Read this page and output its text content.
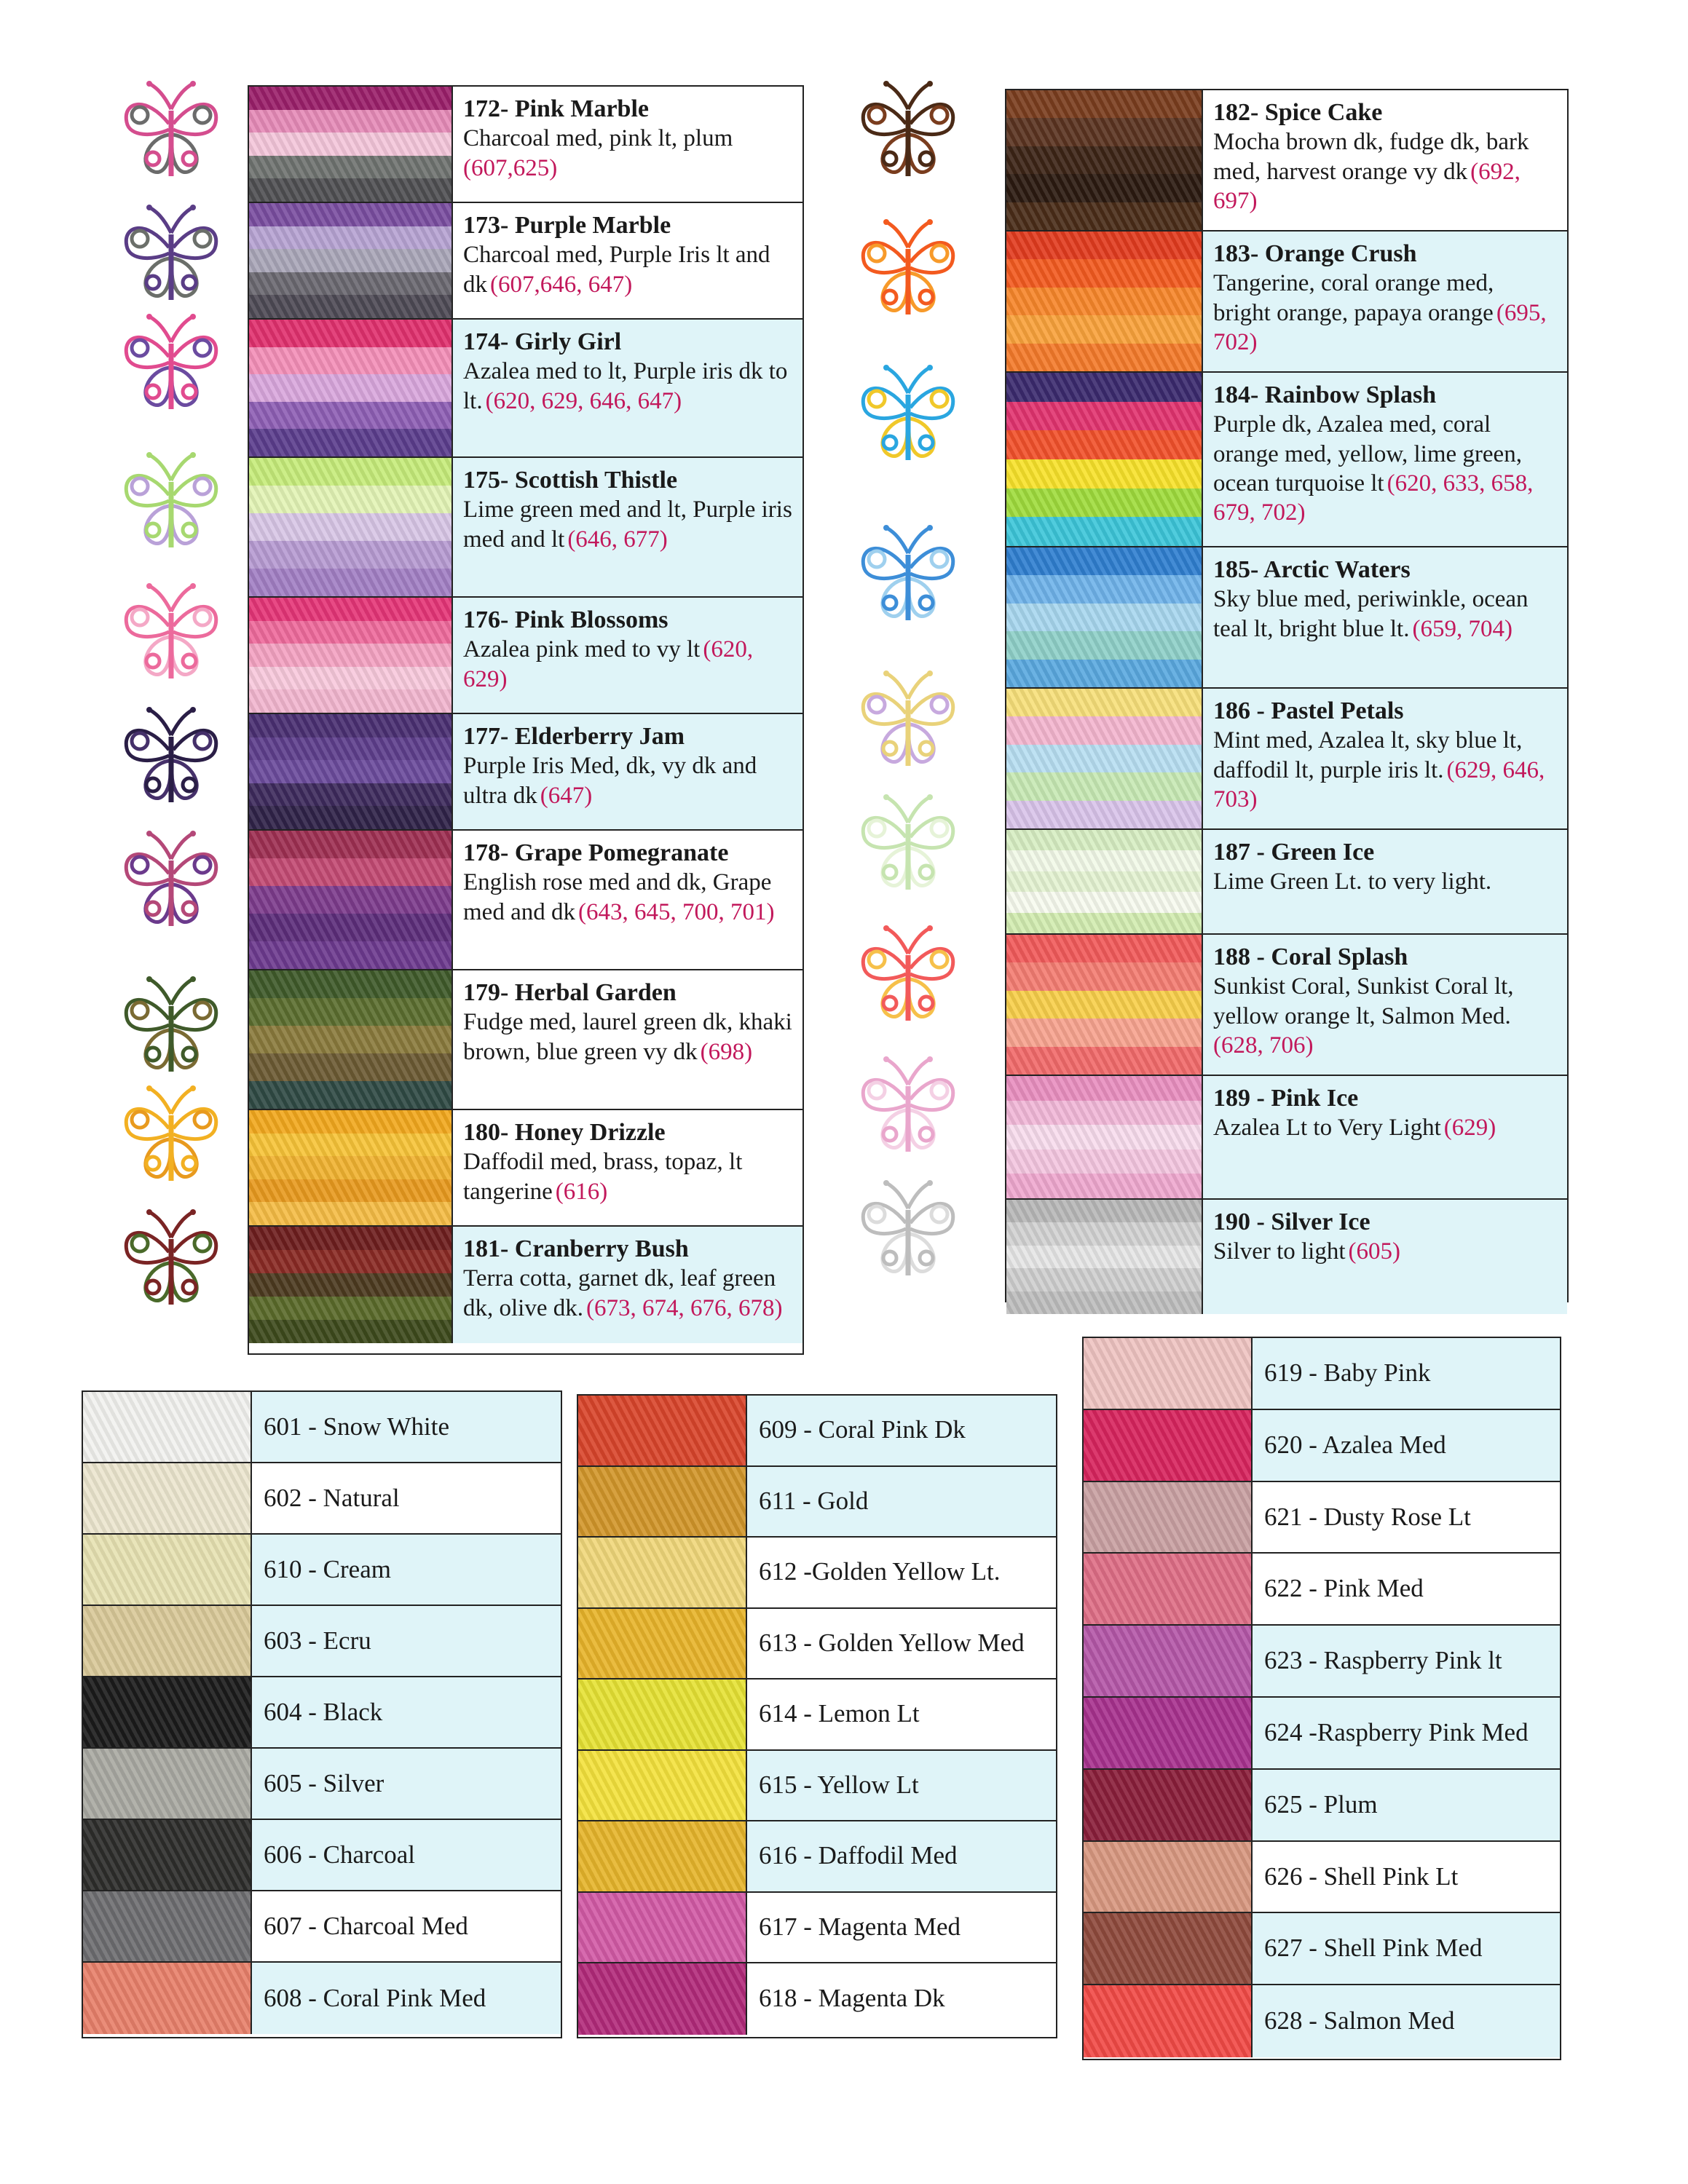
172- Pink Marble
Charcoal med, pink lt, plum (607,625)
173- Purple Marble
Charcoal med, Purple Iris lt and dk (607,646, 647)
174- Girly Girl
Azalea med to lt, Purple iris dk to lt. (620, 629, 646, 647)
175- Scottish Thistle
Lime green med and lt, Purple iris med and lt (646, 677)
176- Pink Blossoms
Azalea pink med to vy lt (620, 629)
177- Elderberry Jam
Purple Iris Med, dk, vy dk and ultra dk (647)
178- Grape Pomegranate
English rose med and dk, Grape med and dk (643, 645, 700, 701)
179- Herbal Garden
Fudge med, laurel green dk, khaki brown, blue green vy dk (698)
180- Honey Drizzle
Daffodil med, brass, topaz, lt tangerine (616)
181- Cranberry Bush
Terra cotta, garnet dk, leaf green dk, olive dk. (673, 674, 676, 678)
182- Spice Cake
Mocha brown dk, fudge dk, bark med, harvest orange vy dk (692, 697)
183- Orange Crush
Tangerine, coral orange med, bright orange, papaya orange (695, 702)
184- Rainbow Splash
Purple dk, Azalea med, coral orange med, yellow, lime green, ocean turquoise lt (620, 633, 658, 679, 702)
185- Arctic Waters
Sky blue med, periwinkle, ocean teal lt, bright blue lt. (659, 704)
186 - Pastel Petals
Mint med, Azalea lt, sky blue lt, daffodil lt, purple iris lt. (629, 646, 703)
187 - Green Ice
Lime Green Lt. to very light.
188 - Coral Splash
Sunkist Coral, Sunkist Coral lt, yellow orange lt, Salmon Med. (628, 706)
189 - Pink Ice
Azalea Lt to Very Light (629)
190 - Silver Ice
Silver to light (605)
601 - Snow White
602 - Natural
610 - Cream
603 - Ecru
604 - Black
605 - Silver
606 - Charcoal
607 - Charcoal Med
608 - Coral Pink Med
609 - Coral Pink Dk
611 - Gold
612 -Golden Yellow Lt.
613 - Golden Yellow Med
614 - Lemon Lt
615 - Yellow Lt
616 - Daffodil Med
617 - Magenta Med
618 - Magenta Dk
619 - Baby Pink
620 - Azalea Med
621 - Dusty Rose Lt
622 - Pink Med
623 - Raspberry Pink lt
624 -Raspberry Pink Med
625 - Plum
626 - Shell Pink Lt
627 - Shell Pink Med
628 - Salmon Med
